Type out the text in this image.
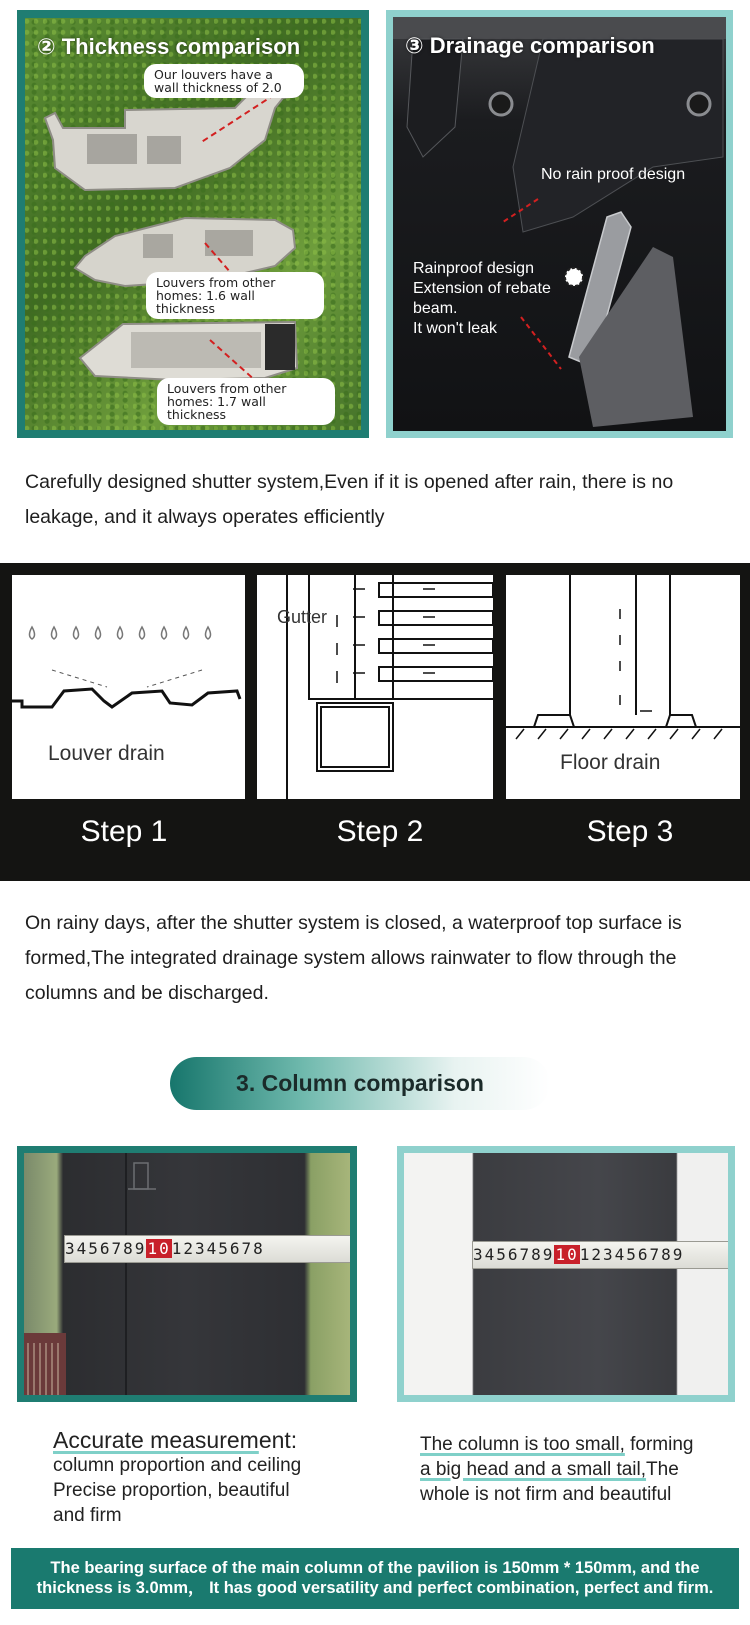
② Thickness comparison
Our louvers have a wall thickness of 2.0
Louvers from other homes: 1.6 wall thickness
Louvers from other homes: 1.7 wall thickness
③ Drainage comparison
No rain proof design
Rainproof design
Extension of rebate
beam.
It won't leak
Carefully designed shutter system,Even if it is opened after rain, there is no leakage, and it always operates efficiently
Louver drain
Gutter
Floor drain
Step 1	Step 2	Step 3
On rainy days, after the shutter system is closed, a waterproof top surface is formed,The integrated drainage system allows rainwater to flow through the columns and be discharged.
3. Column comparison
34567891012345678	345678910123456789
Accurate measurement:
column proportion and ceiling
Precise proportion, beautiful
and firm
The column is too small, forming
a big head and a small tail,The
whole is not firm and beautiful
The bearing surface of the main column of the pavilion is 150mm * 150mm, and the
thickness is 3.0mm， It has good versatility and perfect combination, perfect and firm.
